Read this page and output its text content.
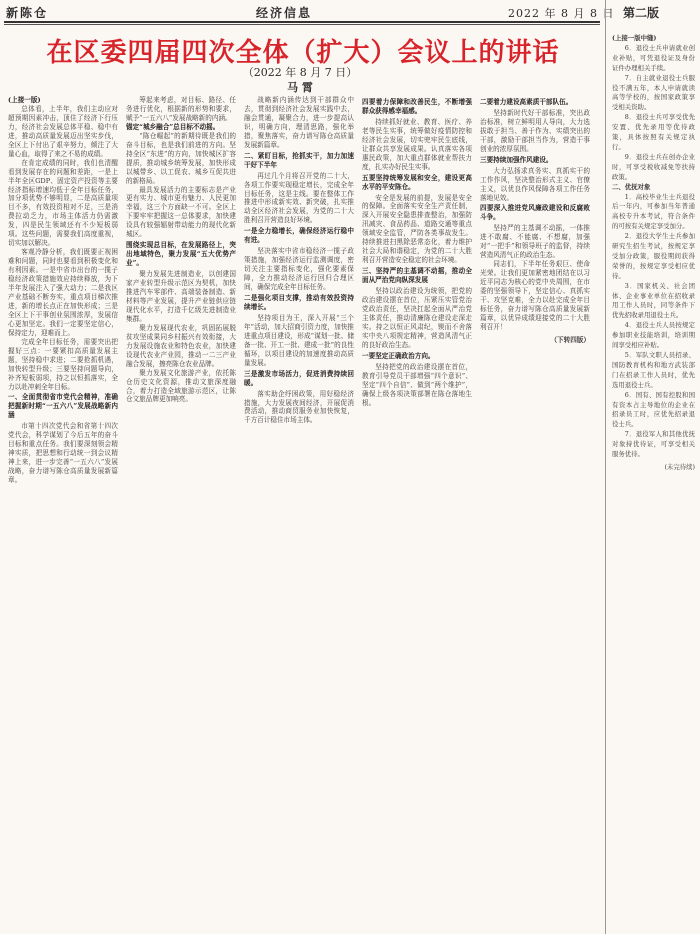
新陈仓	经济信息	2022 年 8 月 8 日 第二版
在区委四届四次全体（扩大）会议上的讲话
（2022 年 8 月 7 日）
马 霄

(上接一版)

总体看，上半年，我们主动应对超预期因素冲击，顶住了经济下行压力，经济社会发展总体平稳、稳中有进，推动高质量发展迈出坚实步伐，全区上下付出了艰辛努力，倾注了大量心血，取得了来之不易的成绩。

在肯定成绩的同时，我们也清醒看到发展存在的问题和差距，一是上半年全区GDP、固定资产投资等主要经济指标增速均低于全年目标任务，加分项优势不够明显，二是高质量项目不多，有效投资相对不足，三是消费拉动乏力，市场主体活力仍需激发，四是民生领域还有不少短板弱项。这些问题，需要我们高度重视，切实加以解决。

客观冷静分析，我们既要正视困难和问题，同时也要看到积极变化和有利因素。一是中省市出台的一揽子稳经济政策措施效应持续释放，为下半年发展注入了强大动力；二是我区产业基础不断夯实，重点项目梯次推进，新的增长点正在加快形成；三是全区上下干事创业氛围浓厚，发展信心更加坚定。我们一定要坚定信心，保持定力，迎难而上。

完成全年目标任务，需要突出把握好三点：一要紧扣高质量发展主题，坚持稳中求进；二要抢抓机遇，加快转型升级；三要坚持问题导向，补齐短板弱项，持之以恒抓落实，全力以赴冲刺全年目标。

一、全面贯彻省市党代会精神，准确把握新时期“一五六八”发展战略新内涵

市第十四次党代会和省第十四次党代会，科学谋划了今后五年的奋斗目标和重点任务。我们要深刻领会精神实质，把思想和行动统一到会议精神上来，进一步完善“一五六八”发展战略，奋力谱写陈仓高质量发展新篇章。

筹起来考虑，对目标、路径、任务进行优化，根据新的形势和要求，赋予“一五六八”发展战略新的内涵。

锚定“城乡融合”总目标不动摇。

“陈仓崛起”的新期待既是我们的奋斗目标，也是我们前进的方向。坚持全区“东进”的方向，加快城区扩容提质，推动城乡统筹发展，加快形成以城带乡、以工促农、城乡互促共进的新格局。

最具发展活力的主要标志是产业更有实力、城市更有魅力、人民更加幸福，这三个方面缺一不可。全区上下要牢牢把握这一总体要求，加快建设具有较强辐射带动能力的现代化新城区。

围绕实现总目标，在发展路径上，突出地域特色，聚力发展“五大优势产业”。

聚力发展先进制造业，以创建国家产业转型升级示范区为契机，加快推进汽车零部件、高端装备制造、新材料等产业发展，提升产业链供应链现代化水平，打造千亿级先进制造业集群。

聚力发展现代农业，巩固拓展脱贫攻坚成果同乡村振兴有效衔接，大力发展设施农业和特色农业，加快建设现代农业产业园，推动一二三产业融合发展，擦亮陈仓农业品牌。

聚力发展文化旅游产业，依托陈仓历史文化资源，推动文旅深度融合，着力打造全域旅游示范区，让陈仓文旅品牌更加响亮。

战略新内涵传达到干部群众中去，贯彻到经济社会发展实践中去，融会贯通，凝聚合力，进一步提高认识，明确方向，理清思路，强化举措，聚焦落实，奋力谱写陈仓高质量发展新篇章。

二、紧盯目标，抢抓实干，加力加速干好下半年

再过几个月将召开党的二十大，各项工作要实现稳定增长，完成全年目标任务，这是主线。要在整体工作推进中形成新实效、新突破，扎实推动全区经济社会发展，为党的二十大胜利召开营造良好环境。

一是全力稳增长，确保经济运行稳中有进。

坚决落实中省市稳经济一揽子政策措施，加强经济运行监测调度，密切关注主要指标变化，强化要素保障，全力推动经济运行回归合理区间，确保完成全年目标任务。

二是强化项目支撑，推动有效投资持续增长。

坚持项目为王，深入开展“三个年”活动，加大招商引资力度，加快推进重点项目建设，形成“谋划一批、储备一批、开工一批、建成一批”的良性循环，以项目建设的加速度推动高质量发展。

三是激发市场活力，促进消费持续回暖。

落实助企纾困政策，用好稳经济措施，大力发展夜间经济，开展促消费活动，推动商贸服务业加快恢复，千方百计稳住市场主体。

四要着力保障和改善民生，不断增强群众获得感幸福感。

持续抓好就业、教育、医疗、养老等民生实事，统筹做好疫情防控和经济社会发展，切实兜牢民生底线，让群众共享发展成果。认真落实各项惠民政策，加大重点群体就业帮扶力度，扎实办好民生实事。

五要坚持统筹发展和安全，建设更高水平的平安陈仓。

安全是发展的前提，发展是安全的保障。全面落实安全生产责任制，深入开展安全隐患排查整治，加强防汛减灾、食品药品、道路交通等重点领域安全监管，严防各类事故发生。持续推进扫黑除恶常态化，着力维护社会大局和谐稳定，为党的二十大胜利召开营造安全稳定的社会环境。

三、坚持严的主基调不动摇，推动全面从严治党向纵深发展

坚持以政治建设为统领，把党的政治建设摆在首位，压紧压实管党治党政治责任，坚决扛起全面从严治党主体责任，推动清廉陈仓建设走深走实。持之以恒正风肃纪，锲而不舍落实中央八项规定精神，营造风清气正的良好政治生态。

一要坚定正确政治方向。

坚持把党的政治建设摆在首位，教育引导党员干部增强“四个意识”、坚定“四个自信”、做到“两个维护”，确保上级各项决策部署在陈仓落地生根。

二要着力建设高素质干部队伍。

坚持新时代好干部标准，突出政治标准，树立鲜明用人导向，大力选拔敢于担当、善于作为、实绩突出的干部，激励干部担当作为，营造干事创业的浓厚氛围。

三要持续加强作风建设。

大力弘扬求真务实、真抓实干的工作作风，坚决整治形式主义、官僚主义，以优良作风保障各项工作任务落地见效。

四要深入推进党风廉政建设和反腐败斗争。

坚持严的主基调不动摇，一体推进不敢腐、不能腐、不想腐，加强对“一把手”和领导班子的监督，持续营造风清气正的政治生态。

同志们，下半年任务艰巨、使命光荣。让我们更加紧密地团结在以习近平同志为核心的党中央周围，在市委的坚强领导下，坚定信心、真抓实干、攻坚克难，全力以赴完成全年目标任务，奋力谱写陈仓高质量发展新篇章，以优异成绩迎接党的二十大胜利召开！

（下转四版）

(上接一版中缝)

6．退役士兵申请就业创业补贴，可凭退役证及身份证件办理相关手续。

7．自主就业退役士兵服役不满五年，本人申请就读高等学校的，按国家政策享受相关资助。

8．退役士兵可享受优先安置、优先录用等优待政策，具体按照有关规定执行。

9．退役士兵在创办企业时，可享受税收减免等扶持政策。

二、优抚对象

1．高校毕业生士兵退役后一年内，可参加当年普通高校专升本考试，符合条件的可按有关规定享受加分。

2．退役大学生士兵参加研究生招生考试，按规定享受加分政策，服役期间获得荣誉的，按规定享受相应优待。

3．国家机关、社会团体、企业事业单位在招收录用工作人员时，同等条件下优先招收录用退役士兵。

4．退役士兵人员按规定参加职业技能培训，培训期间享受相应补贴。

5．军队文职人员招录、国防教育机构和地方武装部门在招录工作人员时，优先选用退役士兵。

6．国有、国有控股和国有资本占主导地位的企业在招录员工时，应优先招录退役士兵。

7．退役军人和其他优抚对象持优待证，可享受相关服务优待。

(未完待续)
